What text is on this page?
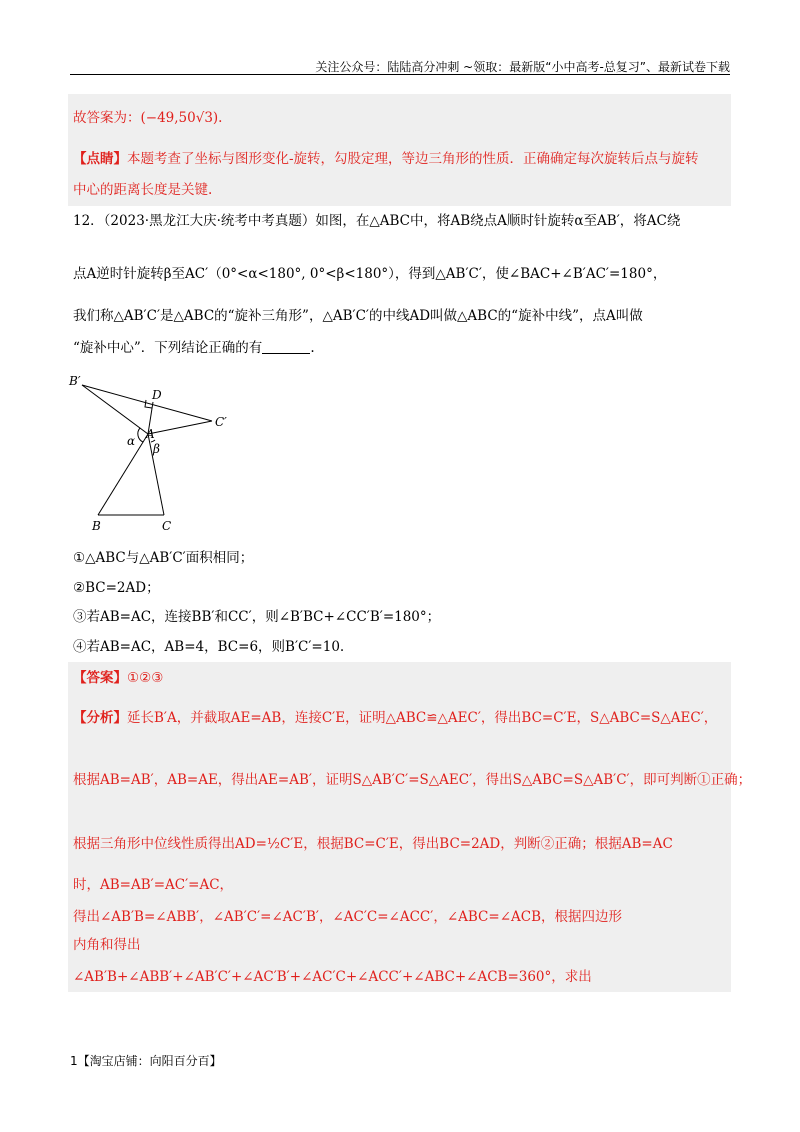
关注公众号：陆陆高分冲刺 ~领取：最新版“小中高考-总复习”、最新试卷下载
故答案为：(−49,50√3).
【点睛】本题考查了坐标与图形变化-旋转，勾股定理，等边三角形的性质．正确确定每次旋转后点与旋转
中心的距离长度是关键.
12．（2023·黑龙江大庆·统考中考真题）如图，在△ABC中，将AB绕点A顺时针旋转α至AB′，将AC绕
点A逆时针旋转β至AC′（0°<α<180°, 0°<β<180°），得到△AB′C′，使∠BAC+∠B′AC′=180°，
我们称△AB′C′是△ABC的“旋补三角形”，△AB′C′的中线AD叫做△ABC的“旋补中线”，点A叫做
“旋补中心”．下列结论正确的有	.
B′
D
C′
α A
β
B	C
①△ABC与△AB′C′面积相同；
②BC=2AD；
③若AB=AC，连接BB′和CC′，则∠B′BC+∠CC′B′=180°；
④若AB=AC，AB=4，BC=6，则B′C′=10.
【答案】①②③
【分析】延长B′A，并截取AE=AB，连接C′E，证明△ABC≌△AEC′，得出BC=C′E，S△ABC=S△AEC′，
根据AB=AB′，AB=AE，得出AE=AB′，证明S△AB′C′=S△AEC′，得出S△ABC=S△AB′C′，即可判断①正确；
根据三角形中位线性质得出AD=½C′E，根据BC=C′E，得出BC=2AD，判断②正确；根据AB=AC
时，AB=AB′=AC′=AC，
得出∠AB′B=∠ABB′，∠AB′C′=∠AC′B′，∠AC′C=∠ACC′，∠ABC=∠ACB，根据四边形
内角和得出
∠AB′B+∠ABB′+∠AB′C′+∠AC′B′+∠AC′C+∠ACC′+∠ABC+∠ACB=360°，求出
1【淘宝店铺：向阳百分百】
